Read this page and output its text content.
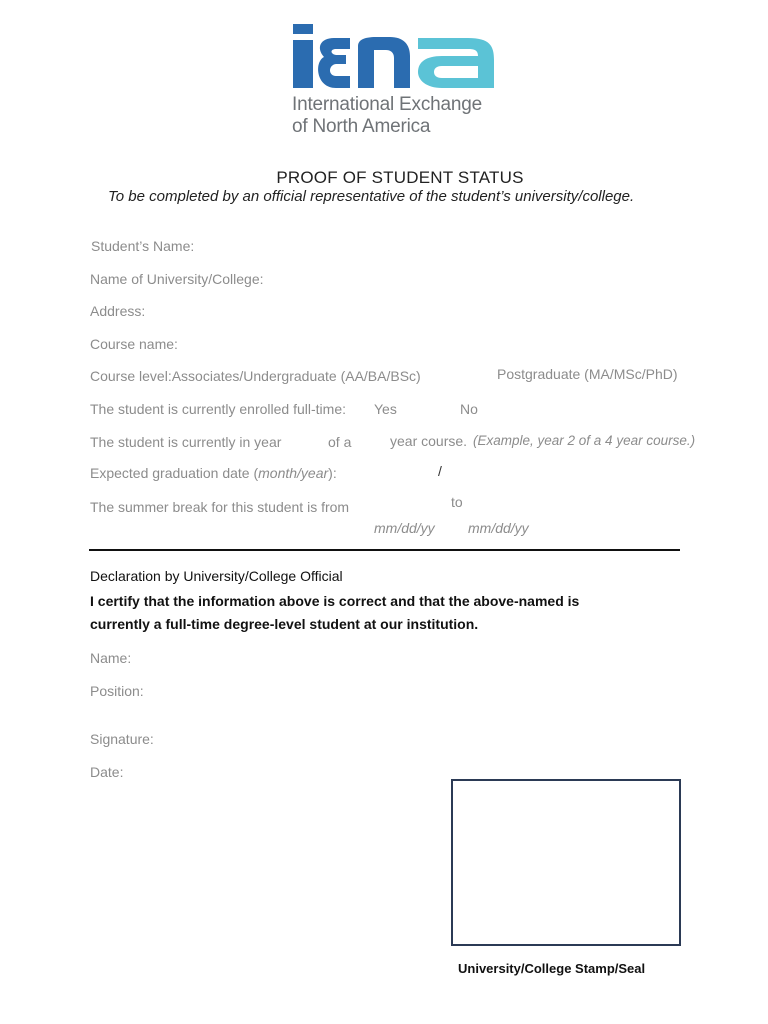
International Exchange
of North America
PROOF OF STUDENT STATUS
To be completed by an official representative of the student’s university/college.
Student’s Name:
Name of University/College:
Address:
Course name:
Course level:Associates/Undergraduate (AA/BA/BSc)	Postgraduate (MA/MSc/PhD)
The student is currently enrolled full-time: Yes	No
The student is currently in year	of a	year course. (Example, year 2 of a 4 year course.)
Expected graduation date (month/year):	/
The summer break for this student is from	to
mm/dd/yy mm/dd/yy
Declaration by University/College Official
I certify that the information above is correct and that the above-named is
currently a full-time degree-level student at our institution.
Name:
Position:
Signature:
Date:
University/College Stamp/Seal
